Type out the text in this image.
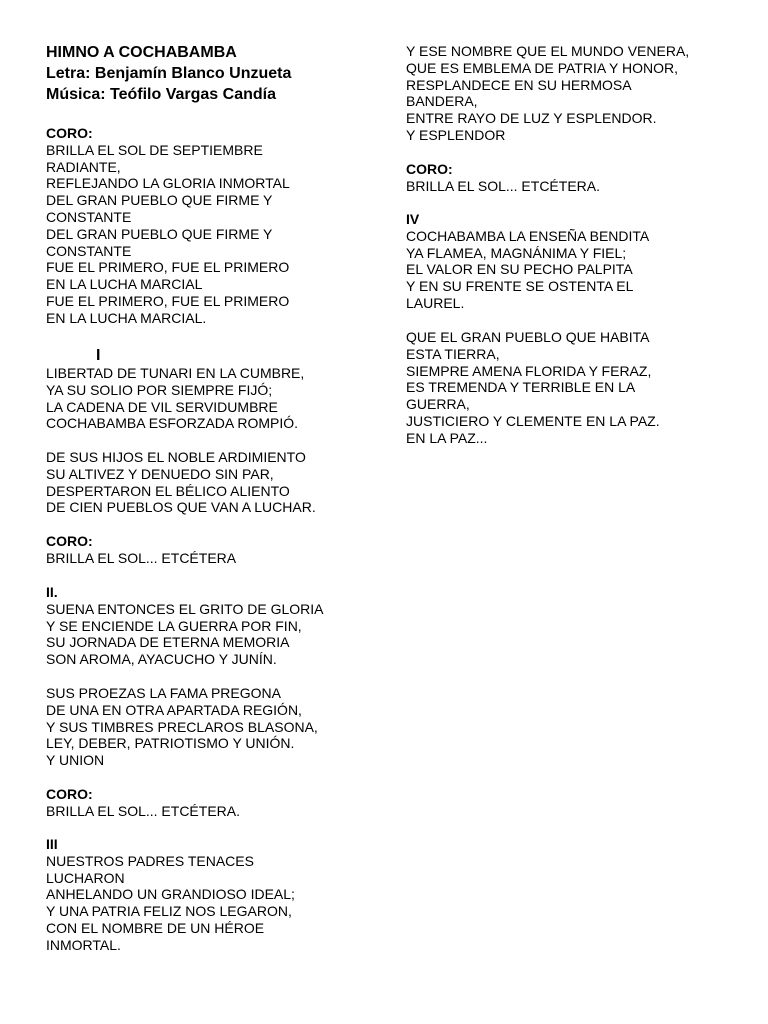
HIMNO A COCHABAMBA

Letra: Benjamín Blanco Unzueta

Música: Teófilo Vargas Candía

CORO:

BRILLA EL SOL DE SEPTIEMBRE

RADIANTE,

REFLEJANDO LA GLORIA INMORTAL

DEL GRAN PUEBLO QUE FIRME Y

CONSTANTE

DEL GRAN PUEBLO QUE FIRME Y

CONSTANTE

FUE EL PRIMERO, FUE EL PRIMERO

EN LA LUCHA MARCIAL

FUE EL PRIMERO, FUE EL PRIMERO

EN LA LUCHA MARCIAL.

I

LIBERTAD DE TUNARI EN LA CUMBRE,

YA SU SOLIO POR SIEMPRE FIJÓ;

LA CADENA DE VIL SERVIDUMBRE

COCHABAMBA ESFORZADA ROMPIÓ.

DE SUS HIJOS EL NOBLE ARDIMIENTO

SU ALTIVEZ Y DENUEDO SIN PAR,

DESPERTARON EL BÉLICO ALIENTO

DE CIEN PUEBLOS QUE VAN A LUCHAR.

CORO:

BRILLA EL SOL... ETCÉTERA

II.

SUENA ENTONCES EL GRITO DE GLORIA

Y SE ENCIENDE LA GUERRA POR FIN,

SU JORNADA DE ETERNA MEMORIA

SON AROMA, AYACUCHO Y JUNÍN.

SUS PROEZAS LA FAMA PREGONA

DE UNA EN OTRA APARTADA REGIÓN,

Y SUS TIMBRES PRECLAROS BLASONA,

LEY, DEBER, PATRIOTISMO Y UNIÓN.

Y UNION

CORO:

BRILLA EL SOL... ETCÉTERA.

III

NUESTROS PADRES TENACES

LUCHARON

ANHELANDO UN GRANDIOSO IDEAL;

Y UNA PATRIA FELIZ NOS LEGARON,

CON EL NOMBRE DE UN HÉROE

INMORTAL.

Y ESE NOMBRE QUE EL MUNDO VENERA,

QUE ES EMBLEMA DE PATRIA Y HONOR,

RESPLANDECE EN SU HERMOSA

BANDERA,

ENTRE RAYO DE LUZ Y ESPLENDOR.

Y ESPLENDOR

CORO:

BRILLA EL SOL... ETCÉTERA.

IV

COCHABAMBA LA ENSEÑA BENDITA

YA FLAMEA, MAGNÁNIMA Y FIEL;

EL VALOR EN SU PECHO PALPITA

Y EN SU FRENTE SE OSTENTA EL

LAUREL.

QUE EL GRAN PUEBLO QUE HABITA

ESTA TIERRA,

SIEMPRE AMENA FLORIDA Y FERAZ,

ES TREMENDA Y TERRIBLE EN LA

GUERRA,

JUSTICIERO Y CLEMENTE EN LA PAZ.

EN LA PAZ...
